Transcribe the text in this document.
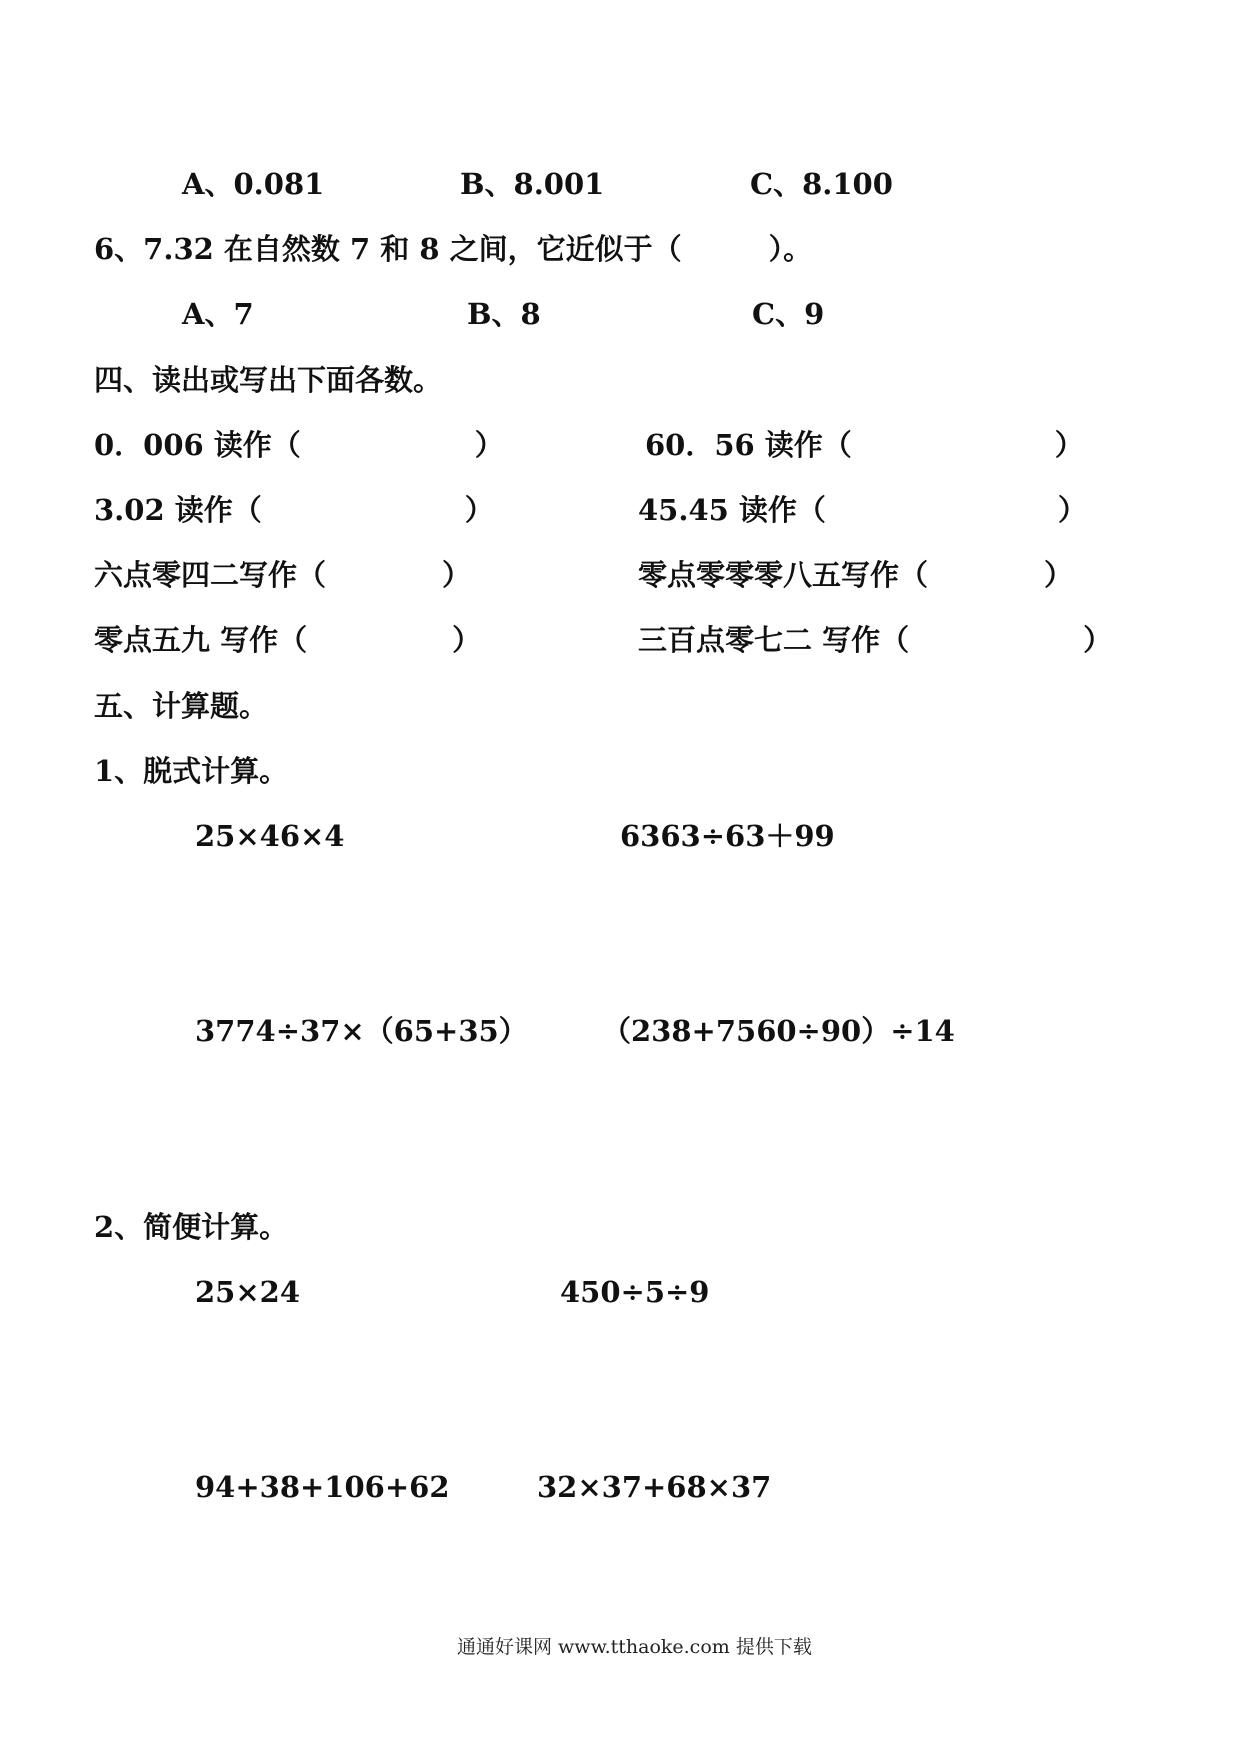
A、0.081	B、8.001	C、8.100
6、7.32 在自然数 7 和 8 之间，它近似于（　　　）。
A、7	B、8	C、9
四、读出或写出下面各数。
0．006 读作（　　　　　　）	60．56 读作（　　　　　　　）
3.02 读作（　　　　　　　）	45.45 读作（　　　　　　　　）
六点零四二写作（　　　　）	零点零零零八五写作（　　　　）
零点五九 写作（　　　　　）	三百点零七二 写作（　　　　　　）
五、计算题。
1、脱式计算。
25×46×4	6363÷63＋99
3774÷37×（65+35）	（238+7560÷90）÷14
2、简便计算。
25×24	450÷5÷9
94+38+106+62	32×37+68×37
通通好课网 www.tthaoke.com 提供下载
